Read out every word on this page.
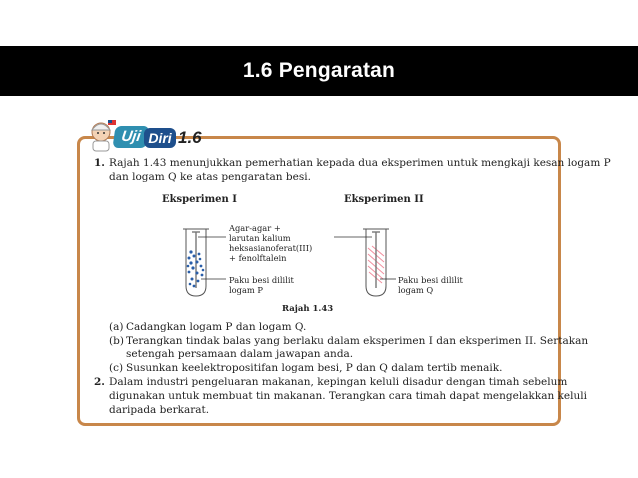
1.6 Pengaratan
Uji Diri 1.6
1. Rajah 1.43 menunjukkan pemerhatian kepada dua eksperimen untuk mengkaji kesan logam P
dan logam Q ke atas pengaratan besi.
Eksperimen I	Eksperimen II
Agar-agar +
larutan kalium
heksasianoferat(III)
+ fenolftalein
Paku besi dililit
logam P
Paku besi dililit
logam Q
Rajah 1.43
(a) Cadangkan logam P dan logam Q.
(b) Terangkan tindak balas yang berlaku dalam eksperimen I dan eksperimen II. Sertakan
setengah persamaan dalam jawapan anda.
(c) Susunkan keelektropositifan logam besi, P dan Q dalam tertib menaik.
2. Dalam industri pengeluaran makanan, kepingan keluli disadur dengan timah sebelum
digunakan untuk membuat tin makanan. Terangkan cara timah dapat mengelakkan keluli
daripada berkarat.
